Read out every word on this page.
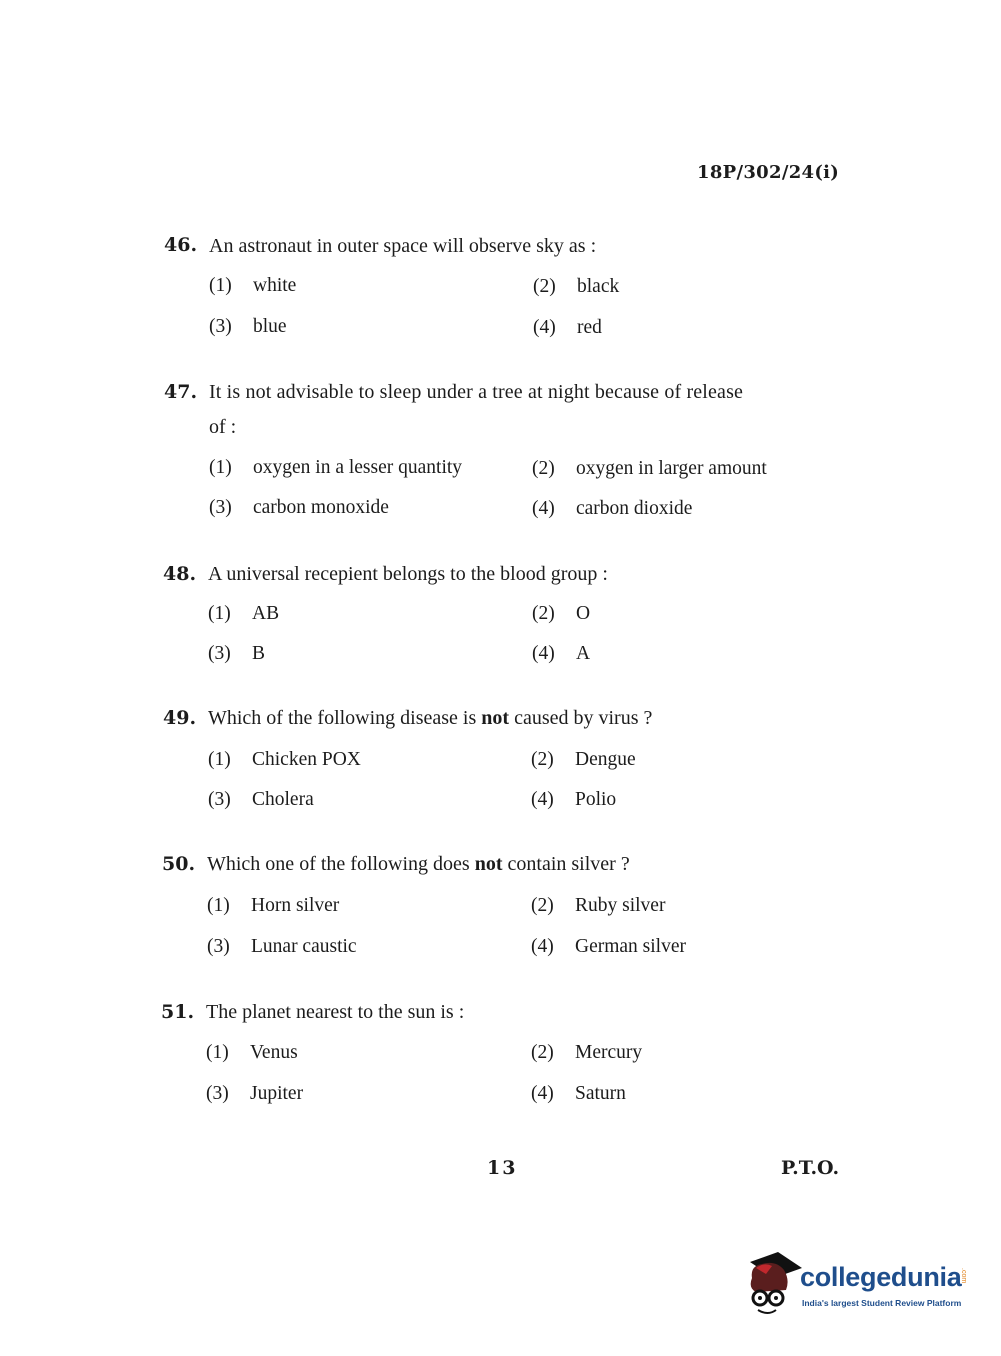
18P/302/24(i)
46. An astronaut in outer space will observe sky as :
(1) white	(2) black
(3) blue	(4) red
47. It is not advisable to sleep under a tree at night because of release
of :
(1) oxygen in a lesser quantity	(2) oxygen in larger amount
(3) carbon monoxide	(4) carbon dioxide
48. A universal recepient belongs to the blood group :
(1) AB	(2) O
(3) B	(4) A
49. Which of the following disease is not caused by virus ?
(1) Chicken POX	(2) Dengue
(3) Cholera	(4) Polio
50. Which one of the following does not contain silver ?
(1) Horn silver	(2) Ruby silver
(3) Lunar caustic	(4) German silver
51. The planet nearest to the sun is :
(1) Venus	(2) Mercury
(3) Jupiter	(4) Saturn
13	P.T.O.
collegedunia
.com
India's largest Student Review Platform
